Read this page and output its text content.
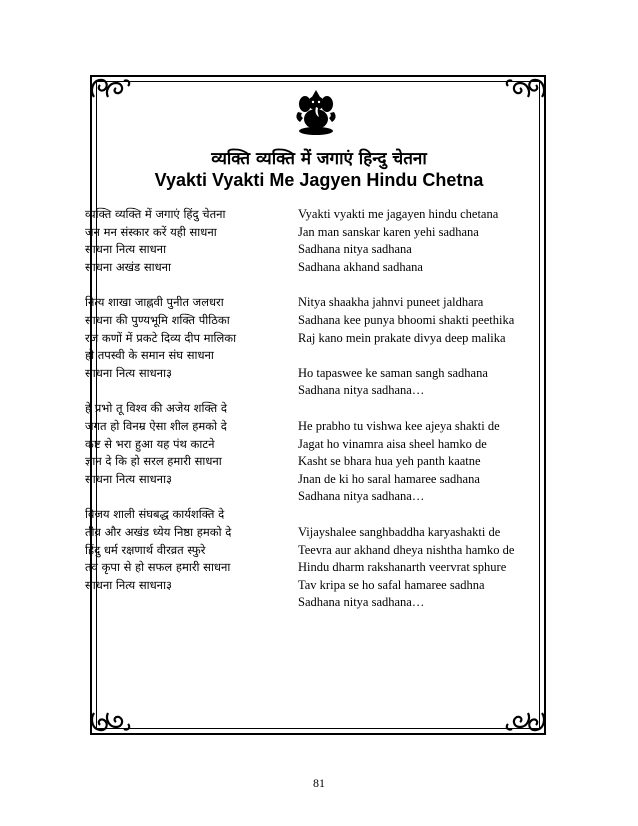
व्यक्ति व्यक्ति में जगाएं हिन्दु चेतना
Vyakti Vyakti Me Jagyen Hindu Chetna
व्यक्ति व्यक्ति में जगाएं हिंदु चेतना
जन मन संस्कार करें यही साधना
साधना नित्य साधना
साधना अखंड साधना
नित्य शाखा जाह्नवी पुनीत जलधरा
साधना की पुण्यभूमि शक्ति पीठिका
रज कणों में प्रकटे दिव्य दीप मालिका
हो तपस्वी के समान संघ साधना
साधना नित्य साधना३
हे प्रभो तू विश्व की अजेय शक्ति दे
जगत हो विनम्र ऐसा शील हमको दे
कष्ट से भरा हुआ यह पंथ काटने
ज्ञान दे कि हो सरल हमारी साधना
साधना नित्य साधना३
विजय शाली संघबद्ध कार्यशक्ति दे
तीव्र और अखंड ध्येय निष्ठा हमको दे
हिंदु धर्म रक्षणार्थ वीरव्रत स्फुरे
तव कृपा से हो सफल हमारी साधना
साधना नित्य साधना३
Vyakti vyakti me jagayen hindu chetana
Jan man sanskar karen yehi sadhana
Sadhana nitya sadhana
Sadhana akhand sadhana
Nitya shaakha jahnvi puneet jaldhara
Sadhana kee punya bhoomi shakti peethika
Raj kano mein prakate divya deep malika

Ho tapaswee ke saman sangh sadhana
Sadhana nitya sadhana…
He prabho tu vishwa kee ajeya shakti de
Jagat ho vinamra aisa sheel hamko de
Kasht se bhara hua yeh panth kaatne
Jnan de ki ho saral hamaree sadhana
Sadhana nitya sadhana…
Vijayshalee sanghbaddha karyashakti de
Teevra aur akhand dheya nishtha hamko de
Hindu dharm rakshanarth veervrat sphure
Tav kripa se ho safal hamaree sadhna
Sadhana nitya sadhana…
81
